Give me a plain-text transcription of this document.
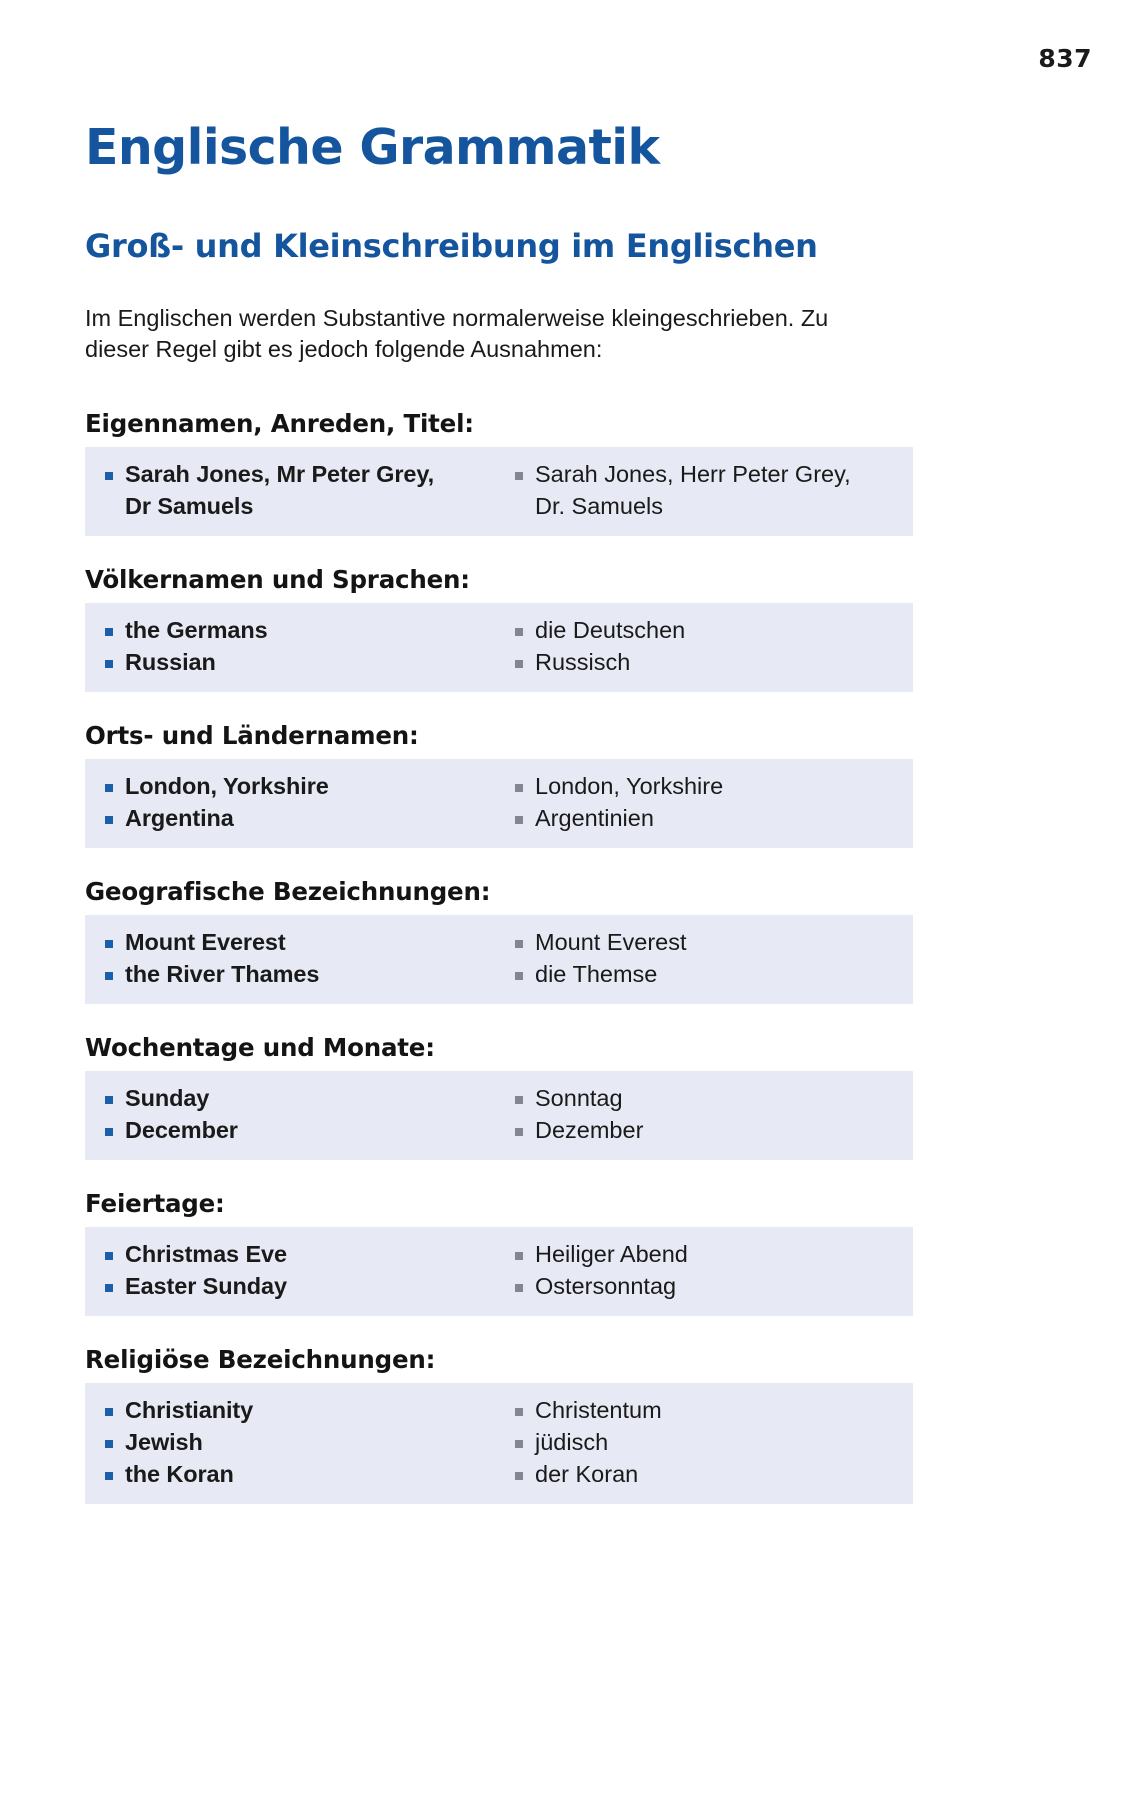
837
Englische Grammatik
Groß- und Kleinschreibung im Englischen

Im Englischen werden Substantive normalerweise kleingeschrieben. Zu dieser Regel gibt es jedoch folgende Ausnahmen:

Eigennamen, Anreden, Titel:
Sarah Jones, Mr Peter Grey,
Dr Samuels
Sarah Jones, Herr Peter Grey,
Dr. Samuels
Völkernamen und Sprachen:
the Germans
Russian
die Deutschen
Russisch
Orts- und Ländernamen:
London, Yorkshire
Argentina
London, Yorkshire
Argentinien
Geografische Bezeichnungen:
Mount Everest
the River Thames
Mount Everest
die Themse
Wochentage und Monate:
Sunday
December
Sonntag
Dezember
Feiertage:
Christmas Eve
Easter Sunday
Heiliger Abend
Ostersonntag
Religiöse Bezeichnungen:
Christianity
Jewish
the Koran
Christentum
jüdisch
der Koran
